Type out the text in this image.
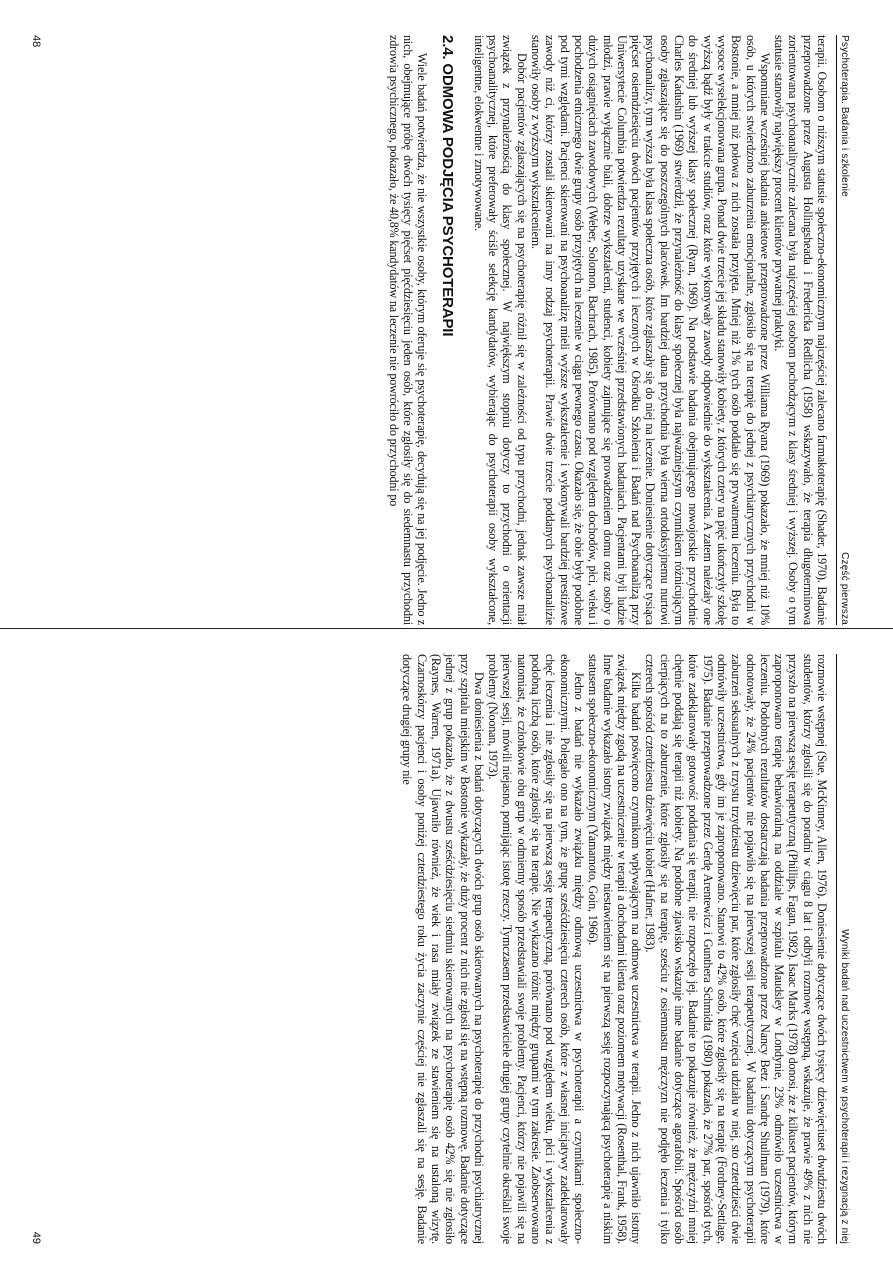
Psychoterapia. Badania i szkolenie
Część pierwsza

terapii. Osobom o niższym statusie społeczno-ekonomicznym najczęściej zalecano farmakoterapię (Shader, 1970). Badanie przeprowadzone przez Augusta Hollingsheada i Fredericka Redlicha (1958) wskazywało, że terapia długoterminowa zorientowana psychoanalitycznie zalecana była najczęściej osobom pochodzącym z klasy średniej i wyższej. Osoby o tym statusie stanowiły największy procent klientów prywatnej praktyki.

Wspomniane wcześniej badania ankietowe przeprowadzone przez Williama Ryana (1969) pokazało, że mniej niż 10% osób, u których stwierdzono zaburzenia emocjonalne, zgłosiło się na terapię do jednej z psychiatrycznych przychodni w Bostonie, a mniej niż połowa z nich została przyjęta. Mniej niż 1% tych osób poddało się prywatnemu leczeniu. Była to wysoce wyselekcjonowana grupa. Ponad dwie trzecie jej składu stanowiły kobiety, z których cztery na pięć ukończyły szkołę wyższą bądź były w trakcie studiów, oraz które wykonywały zawody odpowiednie do wykształcenia. A zatem należały one do średniej lub wyższej klasy społecznej (Ryan, 1969). Na podstawie badania obejmującego nowojorskie przychodnie Charles Kadushin (1969) stwierdził, że przynależność do klasy społecznej była najważniejszym czynnikiem różnicującym osoby zgłaszające się do poszczególnych placówek. Im bardziej dana przychodnia była wierna ortodoksyjnemu nurtowi psychoanalizy, tym wyższa była klasa społeczna osób, które zgłaszały się do niej na leczenie. Doniesienie dotyczące tysiąca pięćset osiemdziesięciu dwóch pacjentów przyjętych i leczonych w Ośrodku Szkolenia i Badań nad Psychoanalizą przy Uniwersytecie Columbia potwierdza rezultaty uzyskane we wcześniej przedstawionych badaniach. Pacjentami byli ludzie młodzi, prawie wyłącznie biali, dobrze wykształceni, studenci, kobiety zajmujące się prowadzeniem domu oraz osoby o dużych osiągnięciach zawodowych (Weber, Solomon, Bachrach, 1985). Porównano pod względem dochodów, płci, wieku i pochodzenia etnicznego dwie grupy osób przyjętych na leczenie w ciągu pewnego czasu. Okazało się, że obie były podobne pod tymi względami. Pacjenci skierowani na psychoanalizę mieli wyższe wykształcenie i wykonywali bardziej prestiżowe zawody niż ci, którzy zostali skierowani na inny rodzaj psychoterapii. Prawie dwie trzecie poddanych psychoanalizie stanowiły osoby z wyższym wykształceniem.

Dobór pacjentów zgłaszających się na psychoterapię różnił się w zależności od typu przychodni, jednak zawsze miał związek z przynależnością do klasy społecznej. W największym stopniu dotyczy to przychodni o orientacji psychoanalitycznej, które preferowały ściśle selekcję kandydatów, wybierając do psychoterapii osoby wykształcone, inteligentne, elokwentne i zmotywowane.

2.4. ODMOWA PODJĘCIA PSYCHOTERAPII

Wiele badań potwierdza, że nie wszystkie osoby, którym oferuje się psychoterapię, decydują się na jej podjęcie. Jedno z nich, obejmujące próbę dwóch tysięcy pięćset pięćdziesięciu jeden osób, które zgłosiły się do siedemnastu przychodni zdrowia psychicznego, pokazało, że 40,8% kandydatów na leczenie nie powróciło do przychodni po

48
Wyniki badań nad uczestnictwem w psychoterapii i rezygnacją z niej

rozmowie wstępnej (Sue, McKinney, Allen, 1976). Doniesienie dotyczące dwóch tysięcy dziewięciuset dwudziestu dwóch studentów, którzy zgłosili się do poradni w ciągu 8 lat i odbyli rozmowę wstępną, wskazuje, że prawie 49% z nich nie przyszło na pierwszą sesję terapeutyczną (Phillips, Fagan, 1982). Isaac Marks (1978) donosi, że z kilkuset pacjentów, którym zaproponowano terapię behawioralną na oddziale w szpitalu Maudsley w Londynie, 23% odmówiło uczestnictwa w leczeniu. Podobnych rezultatów dostarczają badania przeprowadzone przez Nancy Betz i Sandrę Shullman (1979), które odnotowały, że 24% pacjentów nie pojawiło się na pierwszej sesji terapeutycznej. W badaniu dotyczącym psychoterapii zaburzeń seksualnych z trzystu trzydziestu dziewięciu par, które zgłosiły chęć wzięcia udziału w niej, sto czterdzieści dwie odmówiły uczestnictwa, gdy im je zaproponowano. Stanowi to 42% osób, które zgłosiły się na terapię (Fordney-Settlage, 1975). Badanie przeprowadzone przez Gerdę Arentewicz i Gunthera Schmidta (1980) pokazało, że 27% par, spośród tych, które zadeklarowały gotowość poddania się terapii, nie rozpoczęło jej. Badanie to pokazuje również, że mężczyźni mniej chętnie poddają się terapii niż kobiety. Na podobne zjawisko wskazuje inne badanie dotyczące agorafobii. Spośród osób cierpiących na to zaburzenie, które zgłosiły się na terapię, sześciu z osiemnastu mężczyzn nie podjęło leczenia i tylko czterech spośród czterdziestu dziewięciu kobiet (Hafner, 1983).

Kilka badań poświęcono czynnikom wpływającym na odmowę uczestnictwa w terapii. Jedno z nich ujawniło istotny związek między zgodą na uczestniczenie w terapii a dochodami klienta oraz poziomem motywacji (Rosenthal, Frank, 1958). Inne badanie wykazało istotny związek między niestawieniem się na pierwszą sesję rozpoczynającą psychoterapię a niskim statusem społeczno-ekonomicznym (Yamamoto, Goin, 1966).

Jedno z badań nie wykazało związku między odmową uczestnictwa w psychoterapii a czynnikami społeczno-ekonomicznymi. Polegało ono na tym, że grupę sześćdziesięciu czterech osób, które z własnej inicjatywy zadeklarowały chęć leczenia i nie zgłosiły się na pierwszą sesję terapeutyczną, porównano pod względem wieku, płci i wykształcenia z podobną liczbą osób, które zgłosiły się na terapię. Nie wykazano różnic między grupami w tym zakresie. Zaobserwowano natomiast, że członkowie obu grup w odmienny sposób przedstawiali swoje problemy. Pacjenci, którzy nie pojawili się na pierwszej sesji, mówili niejasno, pomijając istotę rzeczy. Tymczasem przedstawiciele drugiej grupy czytelnie określali swoje problemy (Noonan, 1973).

Dwa doniesienia z badań dotyczących dwóch grup osób skierowanych na psychoterapię do przychodni psychiatrycznej przy szpitalu miejskim w Bostonie wykazały, że duży procent z nich nie zgłosił się na wstępną rozmowę. Badanie dotyczące jednej z grup pokazało, że z dwustu sześćdziesięciu siedmiu skierowanych na psychoterapię osób 42% się nie zgłosiło (Raynes, Warren, 1971a). Ujawniło również, że wiek i rasa miały związek ze stawieniem się na ustaloną wizytę. Czarnoskórzy pacjenci i osoby poniżej czterdziestego roku życia zaczynie częściej nie zgłaszali się na sesję. Badanie dotyczące drugiej grupy nie

49
